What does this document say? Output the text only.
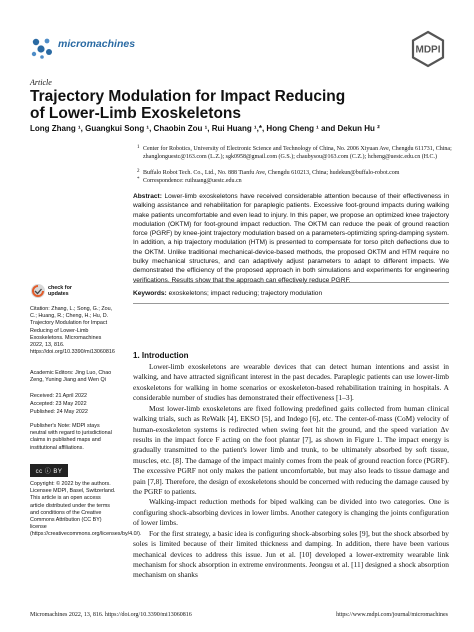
micromachines	MDPI
Article
Trajectory Modulation for Impact Reducing
of Lower-Limb Exoskeletons
Long Zhang ¹, Guangkui Song ¹, Chaobin Zou ¹, Rui Huang ¹,*, Hong Cheng ¹ and Dekun Hu ²
1 Center for Robotics, University of Electronic Science and Technology of China, No. 2006 Xiyuan Ave, Chengdu 611731, China; zhanglonguestc@163.com (L.Z.); sgk0958@gmail.com (G.S.); chaubysou@163.com (C.Z.); hcheng@uestc.edu.cn (H.C.)
2 Buffalo Robot Tech. Co., Ltd., No. 888 Tianfu Ave, Chengdu 610213, China; hudekun@buffalo-robot.com
* Correspondence: ruihuang@uestc.edu.cn
Abstract: Lower-limb exoskeletons have received considerable attention because of their effectiveness in walking assistance and rehabilitation for paraplegic patients. Excessive foot-ground impacts during walking make patients uncomfortable and even lead to injury. In this paper, we propose an optimized knee trajectory modulation (OKTM) for foot-ground impact reduction. The OKTM can reduce the peak of ground reaction force (PGRF) by knee-joint trajectory modulation based on a parameters-optimizing spring-damping system. In addition, a hip trajectory modulation (HTM) is presented to compensate for torso pitch deflections due to the OKTM. Unlike traditional mechanical-device-based methods, the proposed OKTM and HTM require no bulky mechanical structures, and can adaptively adjust parameters to adapt to different impacts. We demonstrated the efficiency of the proposed approach in both simulations and experiments for engineering verifications. Results show that the approach can effectively reduce PGRF.
Keywords: exoskeletons; impact reducing; trajectory modulation
check for
updates
Citation: Zhang, L.; Song, G.; Zou, C.; Huang, R.; Cheng, H.; Hu, D. Trajectory Modulation for Impact Reducing of Lower-Limb Exoskeletons. Micromachines 2022, 13, 816. https://doi.org/10.3390/mi13060816
Academic Editors: Jing Luo, Chao Zeng, Yuning Jiang and Wen Qi
Received: 21 April 2022
Accepted: 23 May 2022
Published: 24 May 2022
Publisher's Note: MDPI stays neutral with regard to jurisdictional claims in published maps and institutional affiliations.
cc ⓘ BY
Copyright: © 2022 by the authors. Licensee MDPI, Basel, Switzerland. This article is an open access article distributed under the terms and conditions of the Creative Commons Attribution (CC BY) license (https://creativecommons.org/licenses/by/4.0/).
1. Introduction

Lower-limb exoskeletons are wearable devices that can detect human intentions and assist in walking, and have attracted significant interest in the past decades. Paraplegic patients can use lower-limb exoskeletons for walking in home scenarios or exoskeleton-based rehabilitation training in hospitals. A considerable number of studies has demonstrated their effectiveness [1–3].

Most lower-limb exoskeletons are fixed following predefined gaits collected from human clinical walking trials, such as ReWalk [4], EKSO [5], and Indego [6], etc. The center-of-mass (CoM) velocity of human-exoskeleton systems is redirected when swing feet hit the ground, and the speed variation Δv results in the impact force F acting on the foot plantar [7], as shown in Figure 1. The impact energy is gradually transmitted to the patient's lower limb and trunk, to be ultimately absorbed by soft tissue, muscles, etc. [8]. The damage of the impact mainly comes from the peak of ground reaction force (PGRF). The excessive PGRF not only makes the patient uncomfortable, but may also leads to tissue damage and pain [7,8]. Therefore, the design of exoskeletons should be concerned with reducing the damage caused by the PGRF to patients.

Walking-impact reduction methods for biped walking can be divided into two categories. One is configuring shock-absorbing devices in lower limbs. Another category is changing the joints configuration of lower limbs.

For the first strategy, a basic idea is configuring shock-absorbing soles [9], but the shock absorbed by soles is limited because of their limited thickness and damping. In addition, there have been various mechanical devices to address this issue. Jun et al. [10] developed a lower-extremity wearable link mechanism for shock absorption in extreme environments. Jeongsu et al. [11] designed a shock absorption mechanism on shanks

Micromachines 2022, 13, 816. https://doi.org/10.3390/mi13060816	https://www.mdpi.com/journal/micromachines
